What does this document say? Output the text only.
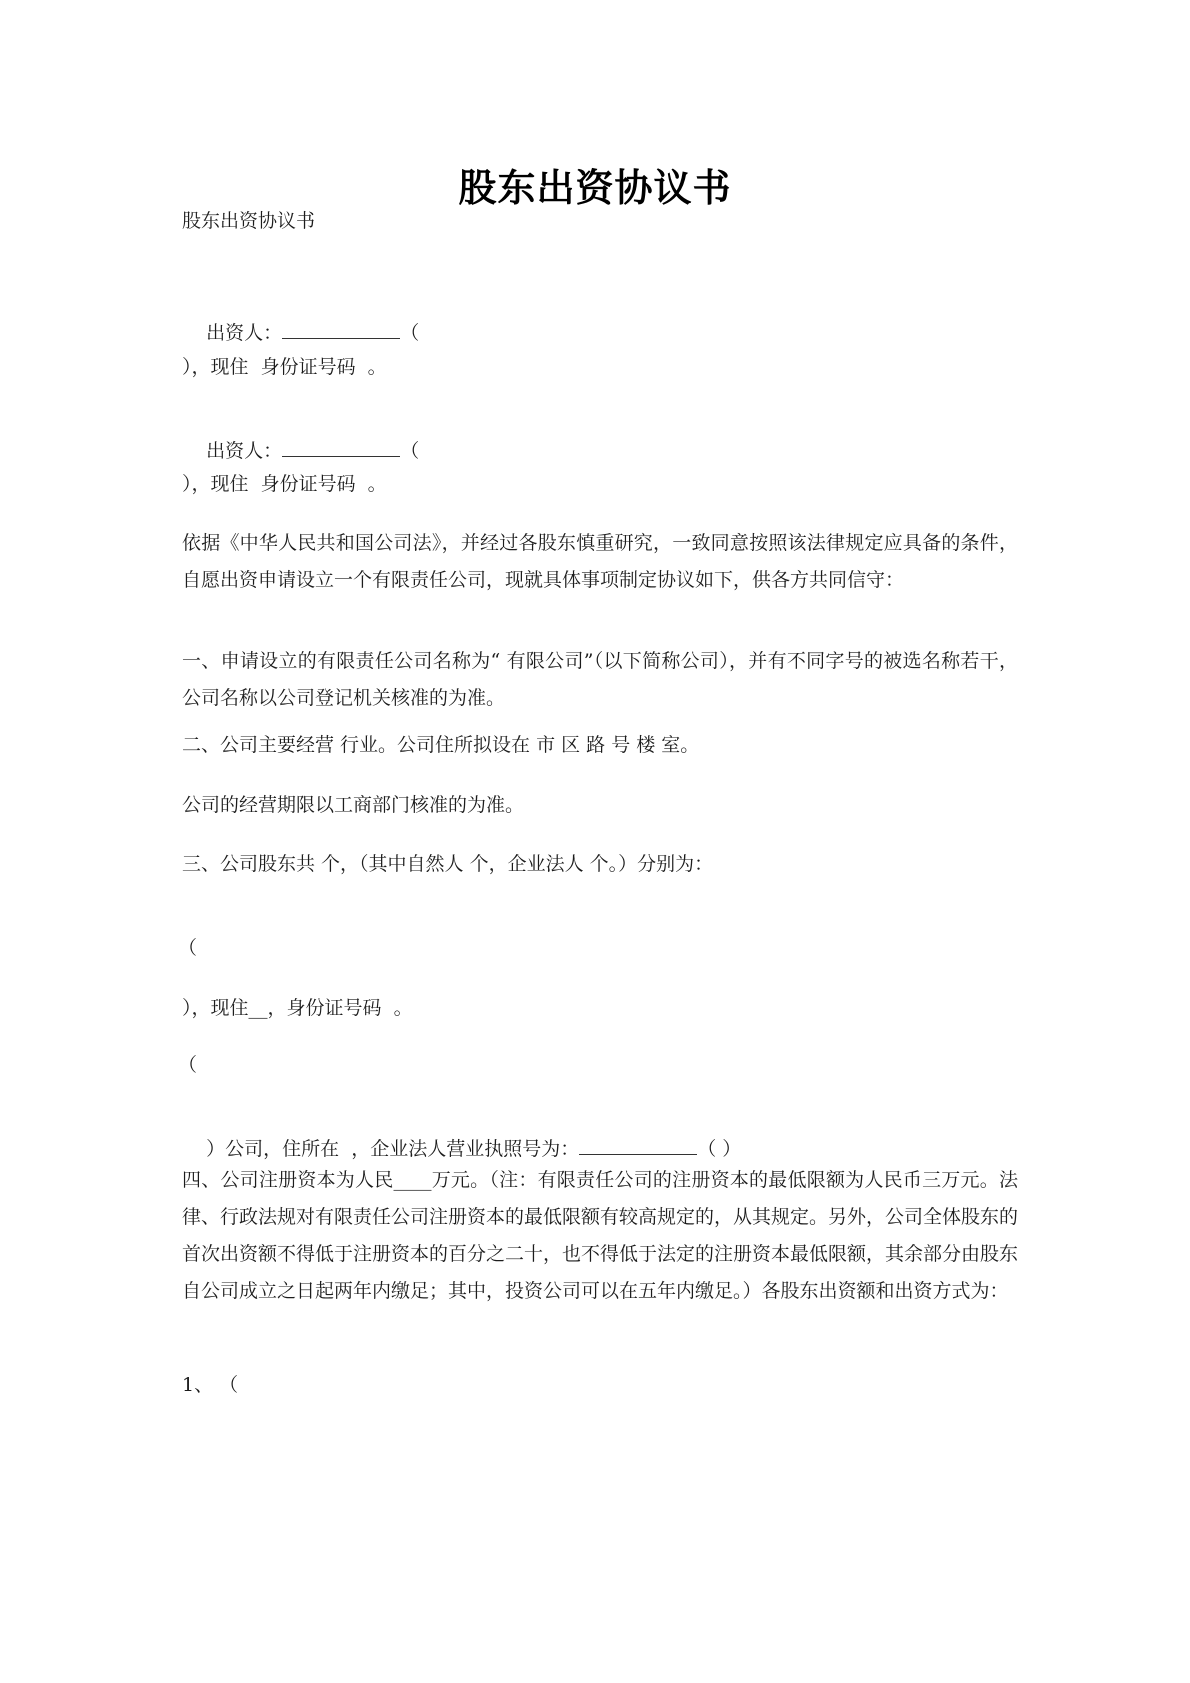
股东出资协议书
股东出资协议书

出资人：	（

），现住  身份证号码  。

出资人：	（

），现住  身份证号码  。
依据《中华人民共和国公司法》，并经过各股东慎重研究，一致同意按照该法律规定应具备的条件，自愿出资申请设立一个有限责任公司，现就具体事项制定协议如下，供各方共同信守：
一、申请设立的有限责任公司名称为“ 有限公司”（以下简称公司），并有不同字号的被选名称若干，公司名称以公司登记机关核准的为准。
二、公司主要经营 行业。公司住所拟设在 市 区 路 号 楼 室。
公司的经营期限以工商部门核准的为准。
三、公司股东共 个，（其中自然人 个，企业法人 个。）分别为：
（
），现住__，身份证号码  。
（

）公司，住所在  ，企业法人营业执照号为：	（ ）

四、公司注册资本为人民____万元。（注：有限责任公司的注册资本的最低限额为人民币三万元。法律、行政法规对有限责任公司注册资本的最低限额有较高规定的，从其规定。另外，公司全体股东的首次出资额不得低于注册资本的百分之二十，也不得低于法定的注册资本最低限额，其余部分由股东自公司成立之日起两年内缴足；其中，投资公司可以在五年内缴足。）各股东出资额和出资方式为：
1、 （
